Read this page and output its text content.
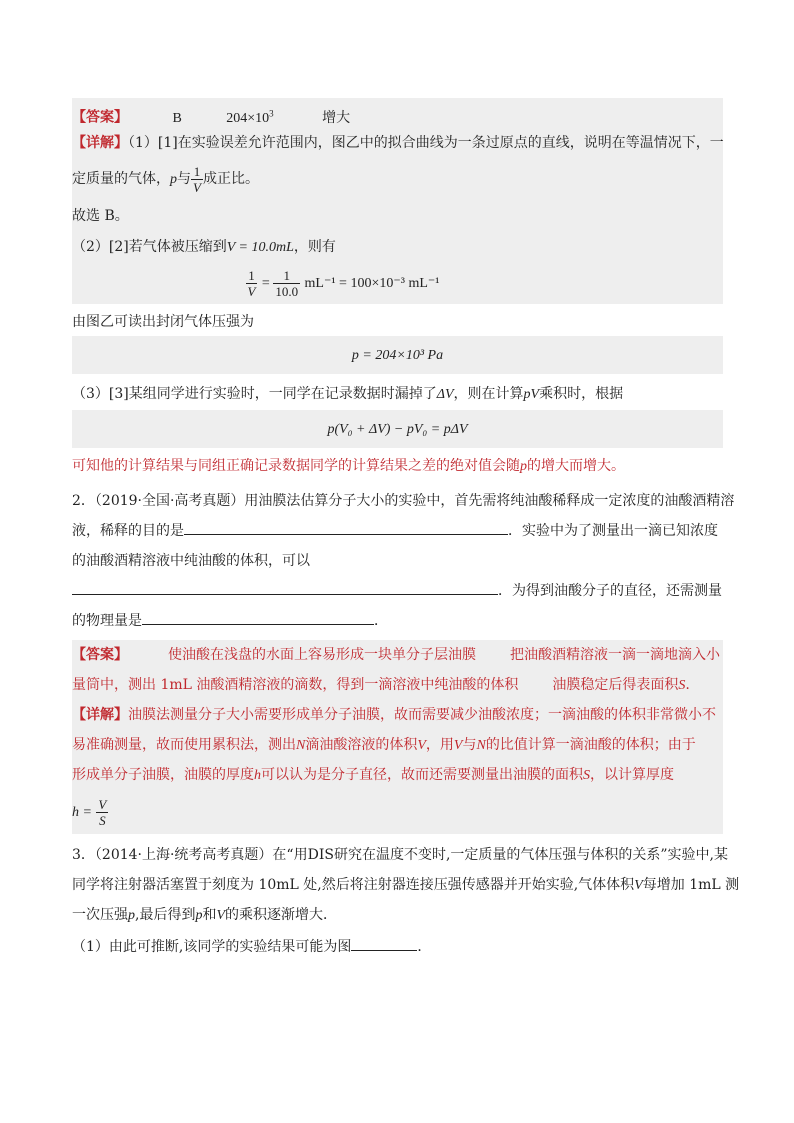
【答案】	B	$204\times 10^3$	增大
【详解】（1）[1]在实验误差允许范围内，图乙中的拟合曲线为一条过原点的直线，说明在等温情况下，一
定质量的气体，p与 $\frac{1}{V}$ 成正比。
故选 B。
（2）[2]若气体被压缩到V = 10.0mL，则有
$\frac{1}{V} = \frac{1}{10.0} mL^{-1} = 100\times 10^{-3}$ mL⁻¹
由图乙可读出封闭气体压强为
p = 204×10³ Pa
（3）[3]某组同学进行实验时，一同学在记录数据时漏掉了ΔV，则在计算pV乘积时，根据
p(V₀ + ΔV) − pV₀ = pΔV
可知他的计算结果与同组正确记录数据同学的计算结果之差的绝对值会随p的增大而增大。
2．（2019·全国·高考真题）用油膜法估算分子大小的实验中，首先需将纯油酸稀释成一定浓度的油酸酒精溶
液，稀释的目的是	．实验中为了测量出一滴已知浓度
的油酸酒精溶液中纯油酸的体积，可以
．为得到油酸分子的直径，还需测量
的物理量是	．
【答案】	使油酸在浅盘的水面上容易形成一块单分子层油膜 把油酸酒精溶液一滴一滴地滴入小
量筒中，测出 1mL 油酸酒精溶液的滴数，得到一滴溶液中纯油酸的体积 油膜稳定后得表面积S.
【详解】油膜法测量分子大小需要形成单分子油膜，故而需要减少油酸浓度；一滴油酸的体积非常微小不
易准确测量，故而使用累积法，测出N滴油酸溶液的体积V，用V与N的比值计算一滴油酸的体积；由于
形成单分子油膜，油膜的厚度h可以认为是分子直径，故而还需要测量出油膜的面积S，以计算厚度
$h = \frac{V}{S}$
3．（2014·上海·统考高考真题）在“用DIS研究在温度不变时,一定质量的气体压强与体积的关系”实验中,某
同学将注射器活塞置于刻度为 10mL 处,然后将注射器连接压强传感器并开始实验,气体体积V每增加 1mL 测
一次压强p,最后得到p和V的乘积逐渐增大．
（1）由此可推断,该同学的实验结果可能为图	．
